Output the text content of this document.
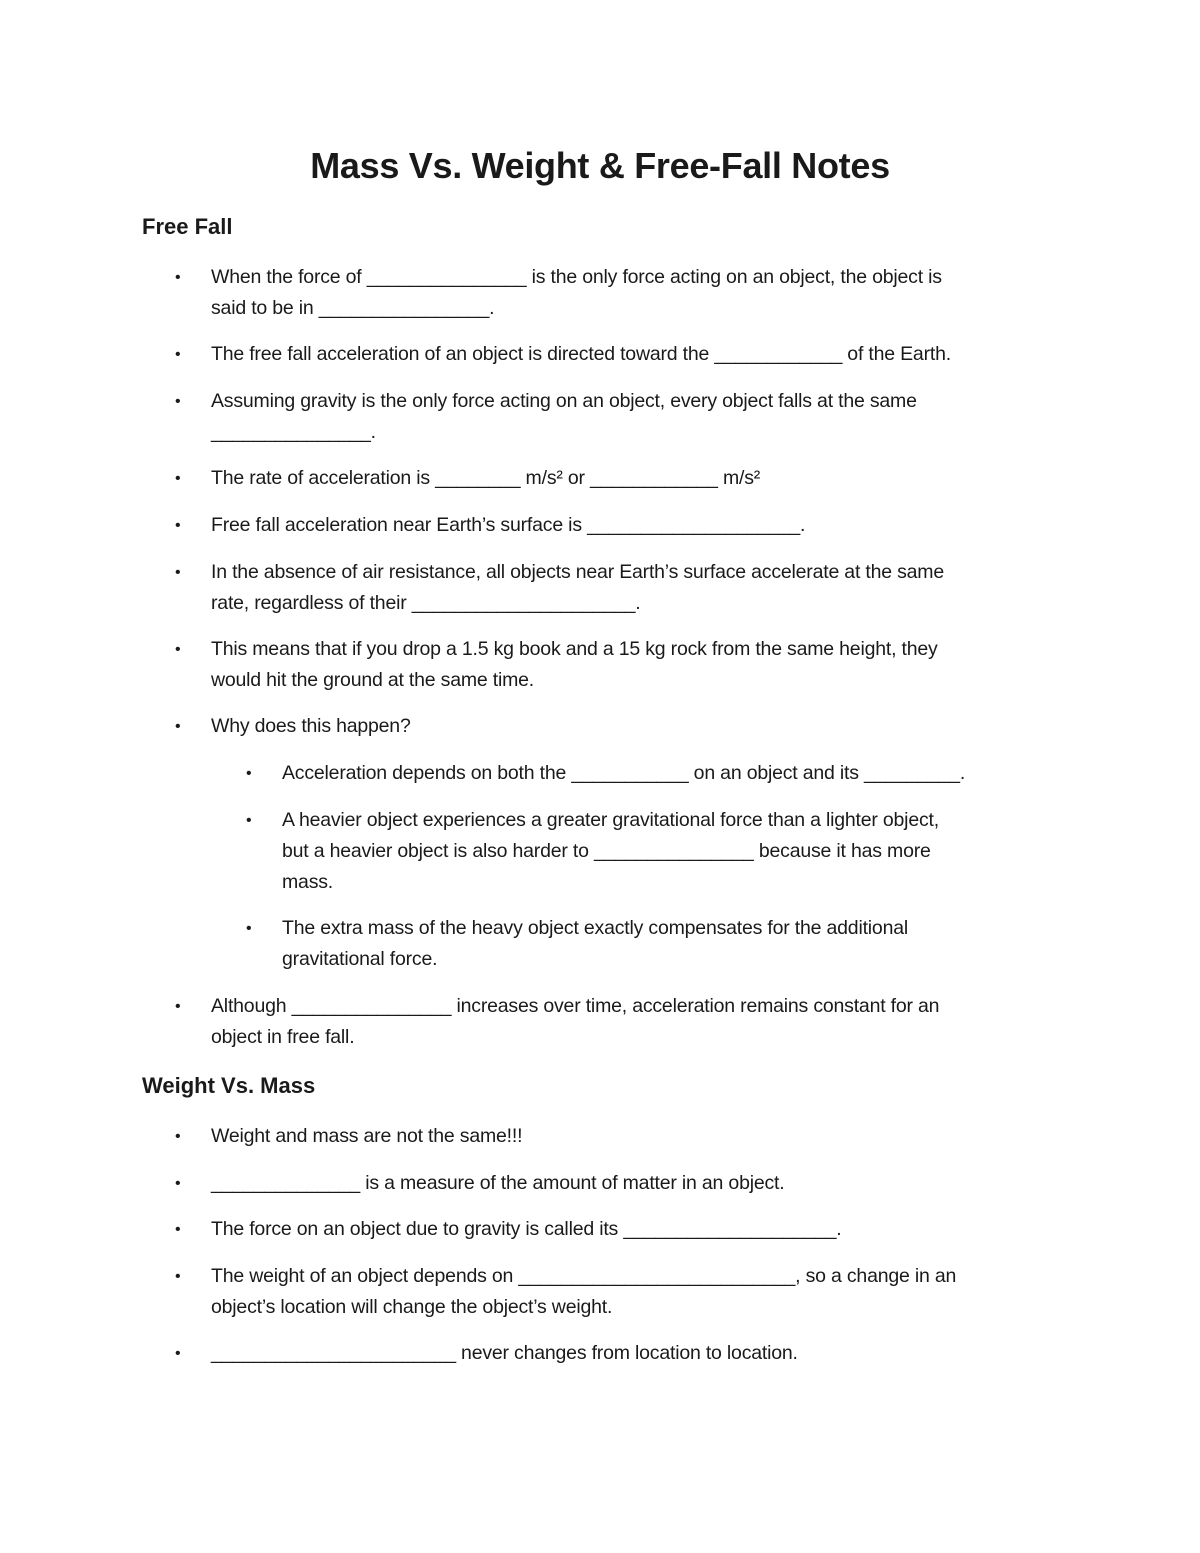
Mass Vs. Weight & Free-Fall Notes
Free Fall
• When the force of _______________ is the only force acting on an object, the object is
said to be in ________________.
• The free fall acceleration of an object is directed toward the ____________ of the Earth.
• Assuming gravity is the only force acting on an object, every object falls at the same
_______________.
• The rate of acceleration is ________ m/s² or ____________ m/s²
• Free fall acceleration near Earth’s surface is ____________________.
• In the absence of air resistance, all objects near Earth’s surface accelerate at the same
rate, regardless of their _____________________.
• This means that if you drop a 1.5 kg book and a 15 kg rock from the same height, they
would hit the ground at the same time.
• Why does this happen?
• Acceleration depends on both the ___________ on an object and its _________.
• A heavier object experiences a greater gravitational force than a lighter object,
but a heavier object is also harder to _______________ because it has more
mass.
• The extra mass of the heavy object exactly compensates for the additional
gravitational force.
• Although _______________ increases over time, acceleration remains constant for an
object in free fall.
Weight Vs. Mass
• Weight and mass are not the same!!!
• ______________ is a measure of the amount of matter in an object.
• The force on an object due to gravity is called its ____________________.
• The weight of an object depends on __________________________, so a change in an
object’s location will change the object’s weight.
• _______________________ never changes from location to location.
